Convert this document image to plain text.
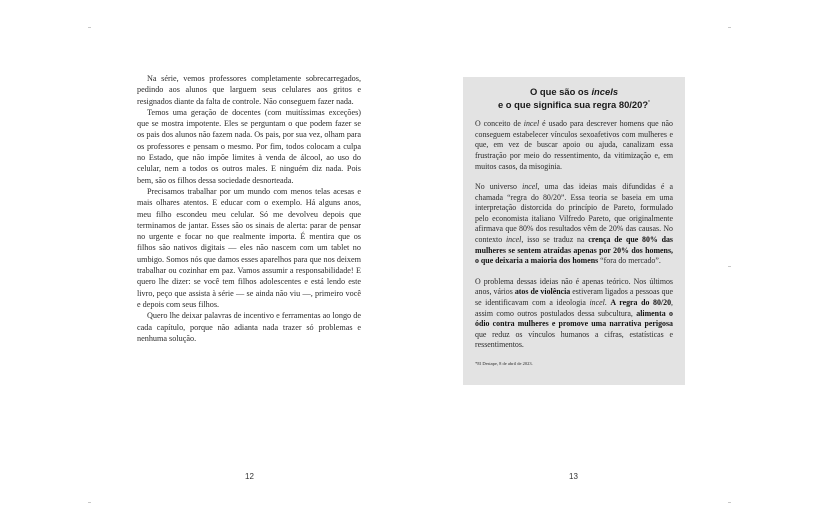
Na série, vemos professores completamente sobrecarregados, pedindo aos alunos que larguem seus celulares aos gritos e resignados diante da falta de controle. Não conseguem fazer nada.

Temos uma geração de docentes (com muitíssimas exceções) que se mostra impotente. Eles se perguntam o que podem fazer se os pais dos alunos não fazem nada. Os pais, por sua vez, olham para os professores e pensam o mesmo. Por fim, todos colocam a culpa no Estado, que não impõe limites à venda de álcool, ao uso do celular, nem a todos os outros males. E ninguém diz nada. Pois bem, são os filhos dessa sociedade desnorteada.

Precisamos trabalhar por um mundo com menos telas acesas e mais olhares atentos. E educar com o exemplo. Há alguns anos, meu filho escondeu meu celular. Só me devolveu depois que terminamos de jantar. Esses são os sinais de alerta: parar de pensar no urgente e focar no que realmente importa. É mentira que os filhos são nativos digitais — eles não nascem com um tablet no umbigo. Somos nós que damos esses aparelhos para que nos deixem trabalhar ou cozinhar em paz. Vamos assumir a responsabilidade! E quero lhe dizer: se você tem filhos adolescentes e está lendo este livro, peço que assista à série — se ainda não viu —, primeiro você e depois com seus filhos.

Quero lhe deixar palavras de incentivo e ferramentas ao longo de cada capítulo, porque não adianta nada trazer só problemas e nenhuma solução.

12	13
O que são os incels
e o que significa sua regra 80/20?*

O conceito de incel é usado para descrever homens que não conseguem estabelecer vínculos sexoafetivos com mulheres e que, em vez de buscar apoio ou ajuda, canalizam essa frustração por meio do ressentimento, da vitimização e, em muitos casos, da misoginia.

No universo incel, uma das ideias mais difundidas é a chamada “regra do 80/20”. Essa teoria se baseia em uma interpretação distorcida do princípio de Pareto, formulado pelo economista italiano Vilfredo Pareto, que originalmente afirmava que 80% dos resultados vêm de 20% das causas. No contexto incel, isso se traduz na crença de que 80% das mulheres se sentem atraídas apenas por 20% dos homens, o que deixaria a maioria dos homens “fora do mercado”.

O problema dessas ideias não é apenas teórico. Nos últimos anos, vários atos de violência estiveram ligados a pessoas que se identificavam com a ideologia incel. A regra do 80/20, assim como outros postulados dessa subcultura, alimenta o ódio contra mulheres e promove uma narrativa perigosa que reduz os vínculos humanos a cifras, estatísticas e ressentimentos.

*El Destape, 8 de abril de 2023.
